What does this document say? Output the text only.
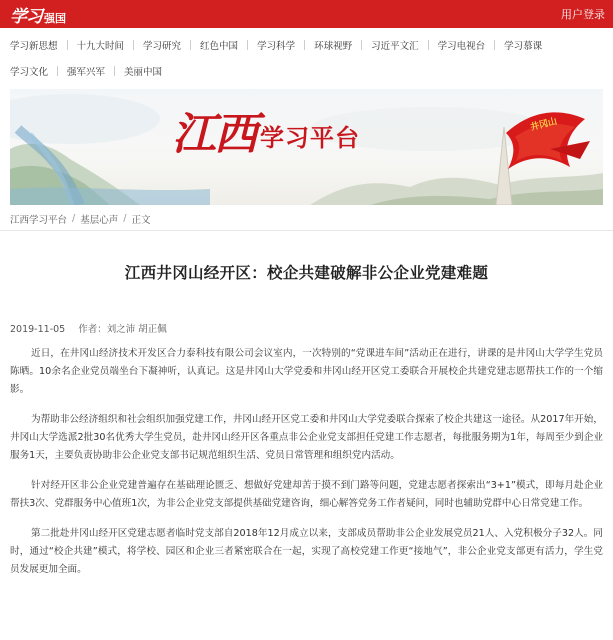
学习 强国	用户登录
学习新思想 十九大时间 学习研究 红色中国 学习科学 环球视野 习近平文汇 学习电视台 学习慕课
学习文化 强军兴军 美丽中国
江西 学习平台	井冈山
江西学习平台 / 基层心声 / 正文
江西井冈山经开区：校企共建破解非公企业党建难题
2019-11-05 作者：刘之沛 胡正佩

近日，在井冈山经济技术开发区合力泰科技有限公司会议室内，一次特别的“党课进车间”活动正在进行，讲课的是井冈山大学学生党员陈晒。10余名企业党员端坐台下凝神听，认真记。这是井冈山大学党委和井冈山经开区党工委联合开展校企共建党建志愿帮扶工作的一个缩影。

为帮助非公经济组织和社会组织加强党建工作，井冈山经开区党工委和井冈山大学党委联合探索了校企共建这一途径。从2017年开始，井冈山大学选派2批30名优秀大学生党员，赴井冈山经开区各重点非公企业党支部担任党建工作志愿者，每批服务期为1年，每周至少到企业服务1天，主要负责协助非公企业党支部书记规范组织生活、党员日常管理和组织党内活动。

针对经开区非公企业党建普遍存在基础理论匮乏、想做好党建却苦于摸不到门路等问题，党建志愿者探索出“3+1”模式，即每月赴企业帮扶3次、党群服务中心值班1次，为非公企业党支部提供基础党建咨询，细心解答党务工作者疑问，同时也辅助党群中心日常党建工作。

第二批赴井冈山经开区党建志愿者临时党支部自2018年12月成立以来，支部成员帮助非公企业发展党员21人、入党积极分子32人。同时，通过“校企共建”模式，将学校、园区和企业三者紧密联合在一起，实现了高校党建工作更“接地气”，非公企业党支部更有活力，学生党员发展更加全面。
